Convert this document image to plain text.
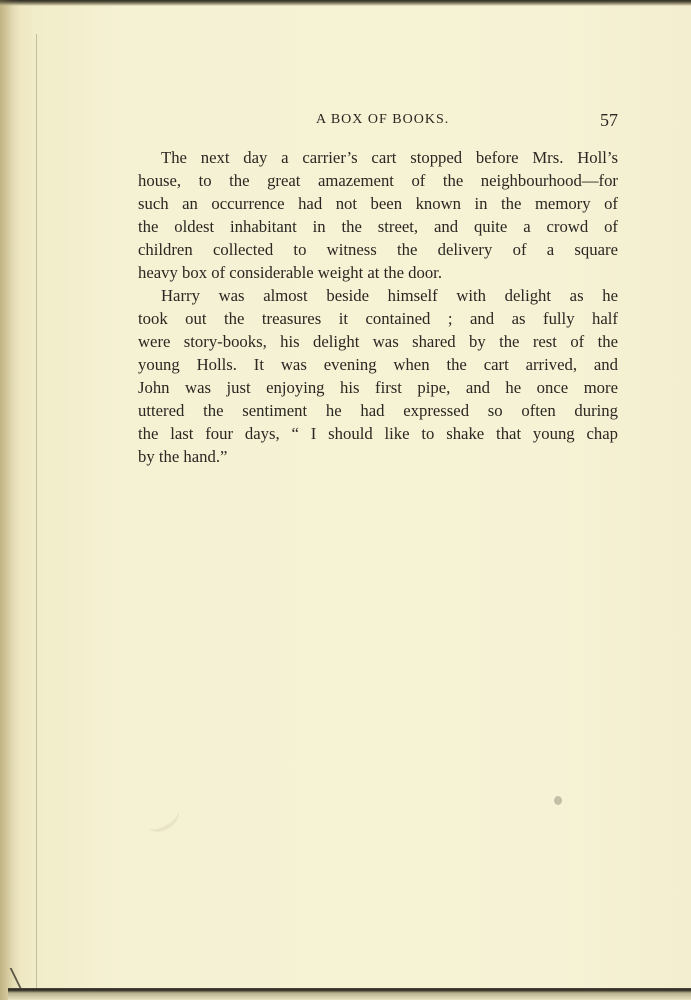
A BOX OF BOOKS.	57
The next day a carrier’s cart stopped before Mrs. Holl’s
house, to the great amazement of the neighbourhood—for
such an occurrence had not been known in the memory of
the oldest inhabitant in the street, and quite a crowd of
children collected to witness the delivery of a square
heavy box of considerable weight at the door.
Harry was almost beside himself with delight as he
took out the treasures it contained ; and as fully half
were story-books, his delight was shared by the rest of the
young Holls. It was evening when the cart arrived, and
John was just enjoying his first pipe, and he once more
uttered the sentiment he had expressed so often during
the last four days, “ I should like to shake that young chap
by the hand.”
